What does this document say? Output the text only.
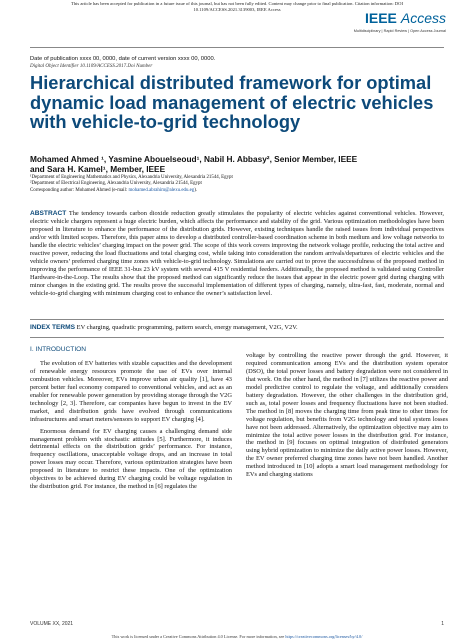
This article has been accepted for publication in a future issue of this journal, but has not been fully edited. Content may change prior to final publication. Citation information: DOI
10.1109/ACCESS.2021.3139003, IEEE Access
IEEE Access
Multidisciplinary | Rapid Review | Open Access Journal
Date of publication xxxx 00, 0000, date of current version xxxx 00, 0000.
Digital Object Identifier 10.1109/ACCESS.2017.Doi Number
Hierarchical distributed framework for optimal dynamic load management of electric vehicles with vehicle-to-grid technology
Mohamed Ahmed ¹, Yasmine Abouelseoud¹, Nabil H. Abbasy², Senior Member, IEEE
and Sara H. Kamel¹, Member, IEEE
¹Department of Engineering Mathematics and Physics, Alexandria University, Alexandria 21544, Egypt
²Department of Electrical Engineering, Alexandria University, Alexandria 21544, Egypt
Corresponding author: Mohamed Ahmed (e-mail: mohamed.abrahim@alexu.edu.eg).
ABSTRACT The tendency towards carbon dioxide reduction greatly stimulates the popularity of electric vehicles against conventional vehicles. However, electric vehicle chargers represent a huge electric burden, which affects the performance and stability of the grid. Various optimization methodologies have been proposed in literature to enhance the performance of the distribution grids. However, existing techniques handle the raised issues from individual perspectives and/or with limited scopes. Therefore, this paper aims to develop a distributed controller-based coordination scheme in both medium and low voltage networks to handle the electric vehicles’ charging impact on the power grid. The scope of this work covers improving the network voltage profile, reducing the total active and reactive power, reducing the load fluctuations and total charging cost, while taking into consideration the random arrivals/departures of electric vehicles and the vehicle owners’ preferred charging time zones with vehicle-to-grid technology. Simulations are carried out to prove the successfulness of the proposed method in improving the performance of IEEE 31-bus 23 kV system with several 415 V residential feeders. Additionally, the proposed method is validated using Controller Hardware-in-the-Loop. The results show that the proposed method can significantly reduce the issues that appear in the electric power grid during charging with minor changes in the existing grid. The results prove the successful implementation of different types of charging, namely, ultra-fast, fast, moderate, normal and vehicle-to-grid charging with minimum charging cost to enhance the owner’s satisfaction level.
INDEX TERMS EV charging, quadratic programming, pattern search, energy management, V2G, V2V.
I. INTRODUCTION

The evolution of EV batteries with sizable capacities and the development of renewable energy resources promote the use of EVs over internal combustion vehicles. Moreover, EVs improve urban air quality [1], have 43 percent better fuel economy compared to conventional vehicles, and act as an enabler for renewable power generation by providing storage through the V2G technology [2, 3]. Therefore, car companies have begun to invest in the EV market, and distribution grids have evolved through communications infrastructures and smart meters/sensors to support EV charging [4].

Enormous demand for EV charging causes a challenging demand side management problem with stochastic attitudes [5]. Furthermore, it induces detrimental effects on the distribution grids’ performance. For instance, frequency oscillations, unacceptable voltage drops, and an increase in total power losses may occur. Therefore, various optimization strategies have been proposed in literature to restrict these impacts. One of the optimization objectives to be achieved during EV charging could be voltage regulation in the distribution grid. For instance, the method in [6] regulates the

voltage by controlling the reactive power through the grid. However, it required communication among EVs and the distribution system operator (DSO), the total power losses and battery degradation were not considered in that work. On the other hand, the method in [7] utilizes the reactive power and model predictive control to regulate the voltage, and additionally considers battery degradation. However, the other challenges in the distribution grid, such as, total power losses and frequency fluctuations have not been studied. The method in [8] moves the charging time from peak time to other times for voltage regulation, but benefits from V2G technology and total system losses have not been addressed. Alternatively, the optimization objective may aim to minimize the total active power losses in the distribution grid. For instance, the method in [9] focuses on optimal integration of distributed generators using hybrid optimization to minimize the daily active power losses. However, the EV owner preferred charging time zones have not been handled. Another method introduced in [10] adopts a smart load management methodology for EVs and charging stations

VOLUME XX, 2021	1
This work is licensed under a Creative Commons Attribution 4.0 License. For more information, see https://creativecommons.org/licenses/by/4.0/
